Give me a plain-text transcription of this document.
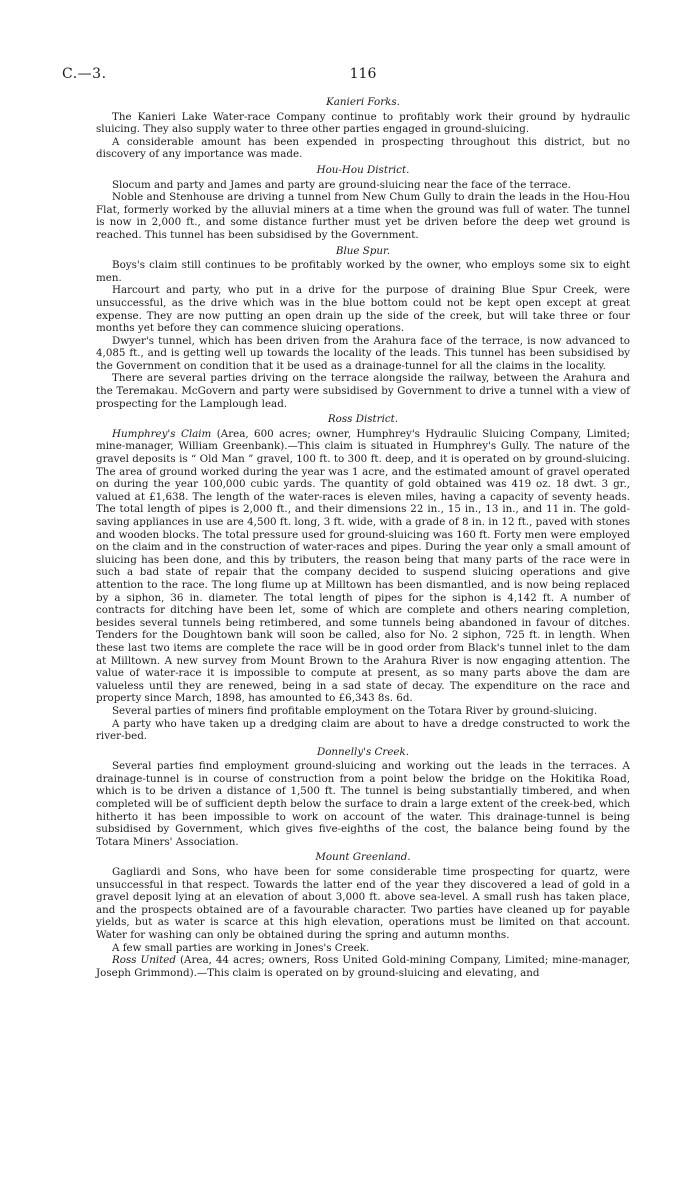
C.—3.	116
Kanieri Forks.

The Kanieri Lake Water-race Company continue to profitably work their ground by hydraulic sluicing. They also supply water to three other parties engaged in ground-sluicing.

A considerable amount has been expended in prospecting throughout this district, but no discovery of any importance was made.

Hou-Hou District.

Slocum and party and James and party are ground-sluicing near the face of the terrace.

Noble and Stenhouse are driving a tunnel from New Chum Gully to drain the leads in the Hou-Hou Flat, formerly worked by the alluvial miners at a time when the ground was full of water. The tunnel is now in 2,000 ft., and some distance further must yet be driven before the deep wet ground is reached. This tunnel has been subsidised by the Government.

Blue Spur.

Boys's claim still continues to be profitably worked by the owner, who employs some six to eight men.

Harcourt and party, who put in a drive for the purpose of draining Blue Spur Creek, were unsuccessful, as the drive which was in the blue bottom could not be kept open except at great expense. They are now putting an open drain up the side of the creek, but will take three or four months yet before they can commence sluicing operations.

Dwyer's tunnel, which has been driven from the Arahura face of the terrace, is now advanced to 4,085 ft., and is getting well up towards the locality of the leads. This tunnel has been subsidised by the Government on condition that it be used as a drainage-tunnel for all the claims in the locality.

There are several parties driving on the terrace alongside the railway, between the Arahura and the Teremakau. McGovern and party were subsidised by Government to drive a tunnel with a view of prospecting for the Lamplough lead.

Ross District.

Humphrey's Claim (Area, 600 acres; owner, Humphrey's Hydraulic Sluicing Company, Limited; mine-manager, William Greenbank).—This claim is situated in Humphrey's Gully. The nature of the gravel deposits is “ Old Man ” gravel, 100 ft. to 300 ft. deep, and it is operated on by ground-sluicing. The area of ground worked during the year was 1 acre, and the estimated amount of gravel operated on during the year 100,000 cubic yards. The quantity of gold obtained was 419 oz. 18 dwt. 3 gr., valued at £1,638. The length of the water-races is eleven miles, having a capacity of seventy heads. The total length of pipes is 2,000 ft., and their dimensions 22 in., 15 in., 13 in., and 11 in. The gold-saving appliances in use are 4,500 ft. long, 3 ft. wide, with a grade of 8 in. in 12 ft., paved with stones and wooden blocks. The total pressure used for ground-sluicing was 160 ft. Forty men were employed on the claim and in the construction of water-races and pipes. During the year only a small amount of sluicing has been done, and this by tributers, the reason being that many parts of the race were in such a bad state of repair that the company decided to suspend sluicing operations and give attention to the race. The long flume up at Milltown has been dismantled, and is now being replaced by a siphon, 36 in. diameter. The total length of pipes for the siphon is 4,142 ft. A number of contracts for ditching have been let, some of which are complete and others nearing completion, besides several tunnels being retimbered, and some tunnels being abandoned in favour of ditches. Tenders for the Doughtown bank will soon be called, also for No. 2 siphon, 725 ft. in length. When these last two items are complete the race will be in good order from Black's tunnel inlet to the dam at Milltown. A new survey from Mount Brown to the Arahura River is now engaging attention. The value of water-race it is impossible to compute at present, as so many parts above the dam are valueless until they are renewed, being in a sad state of decay. The expenditure on the race and property since March, 1898, has amounted to £6,343 8s. 6d.

Several parties of miners find profitable employment on the Totara River by ground-sluicing.

A party who have taken up a dredging claim are about to have a dredge constructed to work the river-bed.

Donnelly's Creek.

Several parties find employment ground-sluicing and working out the leads in the terraces. A drainage-tunnel is in course of construction from a point below the bridge on the Hokitika Road, which is to be driven a distance of 1,500 ft. The tunnel is being substantially timbered, and when completed will be of sufficient depth below the surface to drain a large extent of the creek-bed, which hitherto it has been impossible to work on account of the water. This drainage-tunnel is being subsidised by Government, which gives five-eighths of the cost, the balance being found by the Totara Miners' Association.

Mount Greenland.

Gagliardi and Sons, who have been for some considerable time prospecting for quartz, were unsuccessful in that respect. Towards the latter end of the year they discovered a lead of gold in a gravel deposit lying at an elevation of about 3,000 ft. above sea-level. A small rush has taken place, and the prospects obtained are of a favourable character. Two parties have cleaned up for payable yields, but as water is scarce at this high elevation, operations must be limited on that account. Water for washing can only be obtained during the spring and autumn months.

A few small parties are working in Jones's Creek.

Ross United (Area, 44 acres; owners, Ross United Gold-mining Company, Limited; mine-manager, Joseph Grimmond).—This claim is operated on by ground-sluicing and elevating, and
